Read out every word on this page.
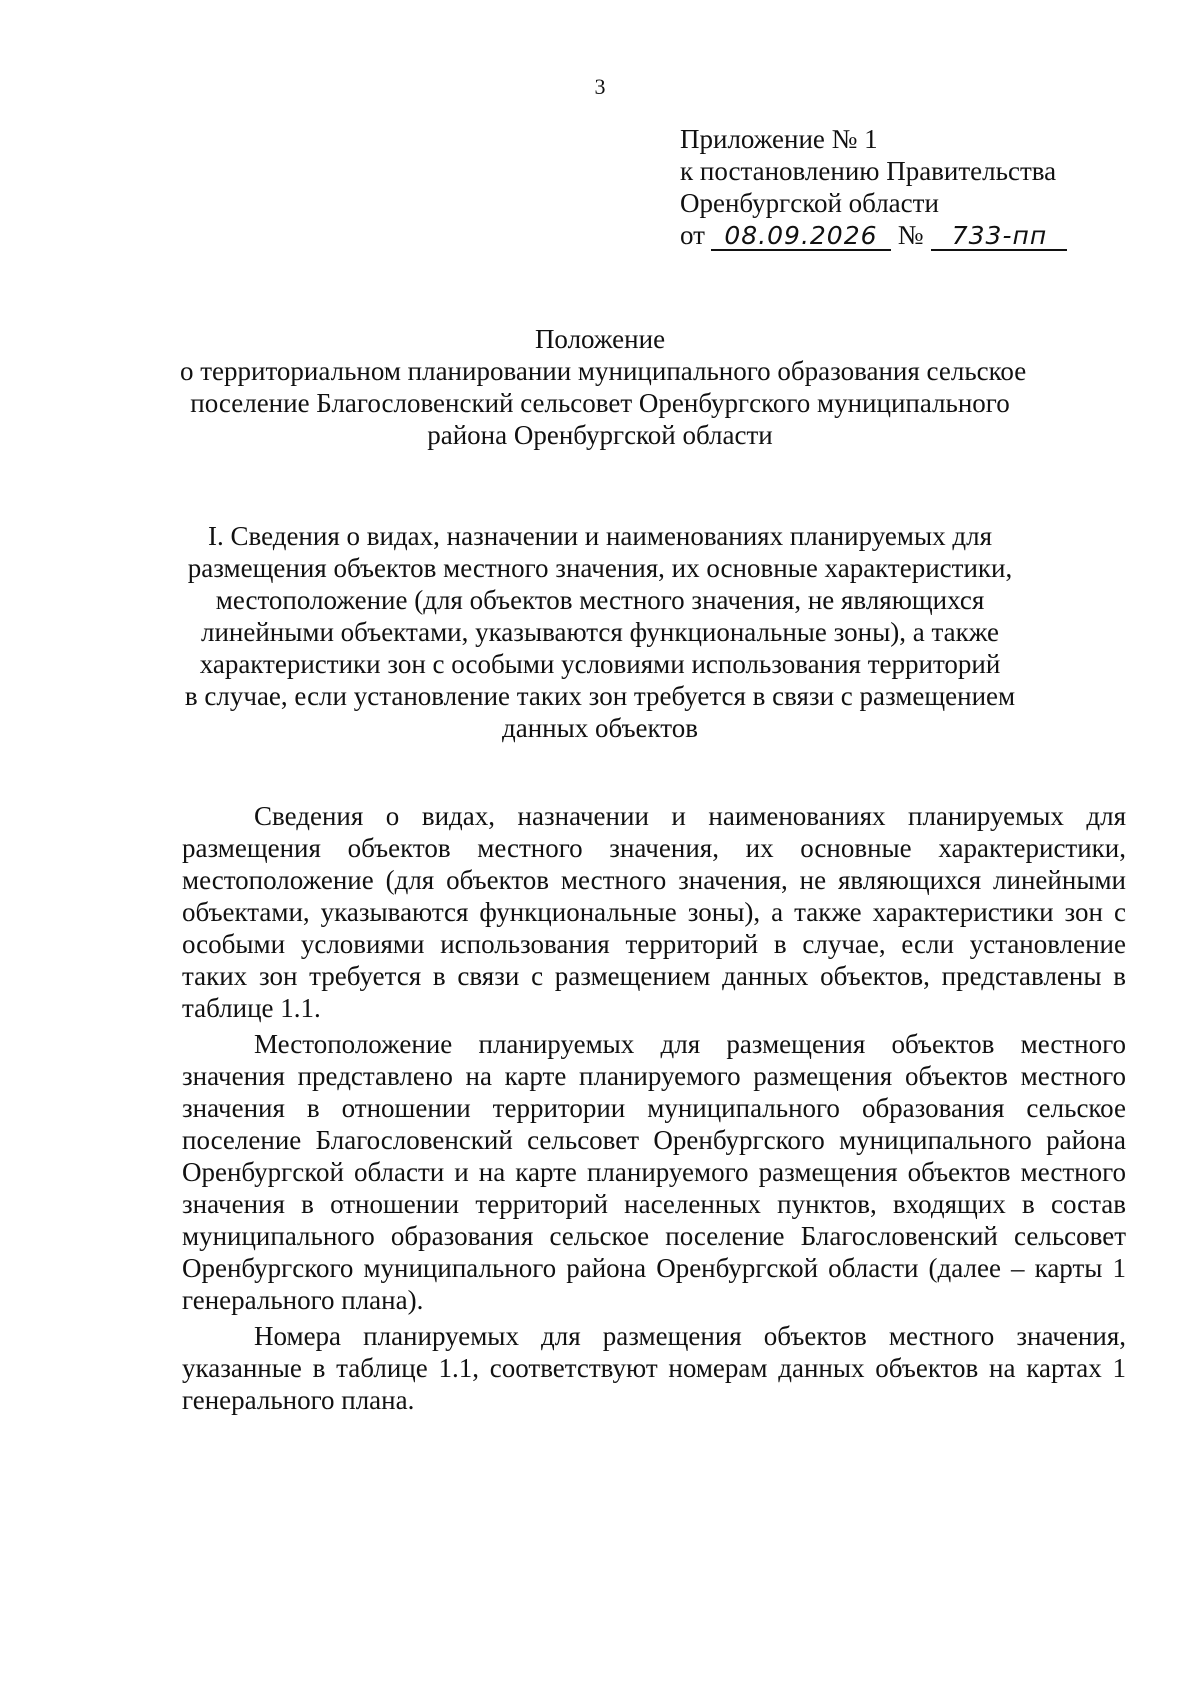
3
Приложение № 1
к постановлению Правительства
Оренбургской области
от 08.09.2026 № 733-пп
Положение
о территориальном планировании муниципального образования сельское
поселение Благословенский сельсовет Оренбургского муниципального
района Оренбургской области
I. Сведения о видах, назначении и наименованиях планируемых для
размещения объектов местного значения, их основные характеристики,
местоположение (для объектов местного значения, не являющихся
линейными объектами, указываются функциональные зоны), а также
характеристики зон с особыми условиями использования территорий
в случае, если установление таких зон требуется в связи с размещением
данных объектов

Сведения о видах, назначении и наименованиях планируемых для размещения объектов местного значения, их основные характеристики, местоположение (для объектов местного значения, не являющихся линейными объектами, указываются функциональные зоны), а также характеристики зон с особыми условиями использования территорий в случае, если установление таких зон требуется в связи с размещением данных объектов, представлены в таблице 1.1.

Местоположение планируемых для размещения объектов местного значения представлено на карте планируемого размещения объектов местного значения в отношении территории муниципального образования сельское поселение Благословенский сельсовет Оренбургского муниципального района Оренбургской области и на карте планируемого размещения объектов местного значения в отношении территорий населенных пунктов, входящих в состав муниципального образования сельское поселение Благословенский сельсовет Оренбургского муниципального района Оренбургской области (далее – карты 1 генерального плана).

Номера планируемых для размещения объектов местного значения, указанные в таблице 1.1, соответствуют номерам данных объектов на картах 1 генерального плана.
